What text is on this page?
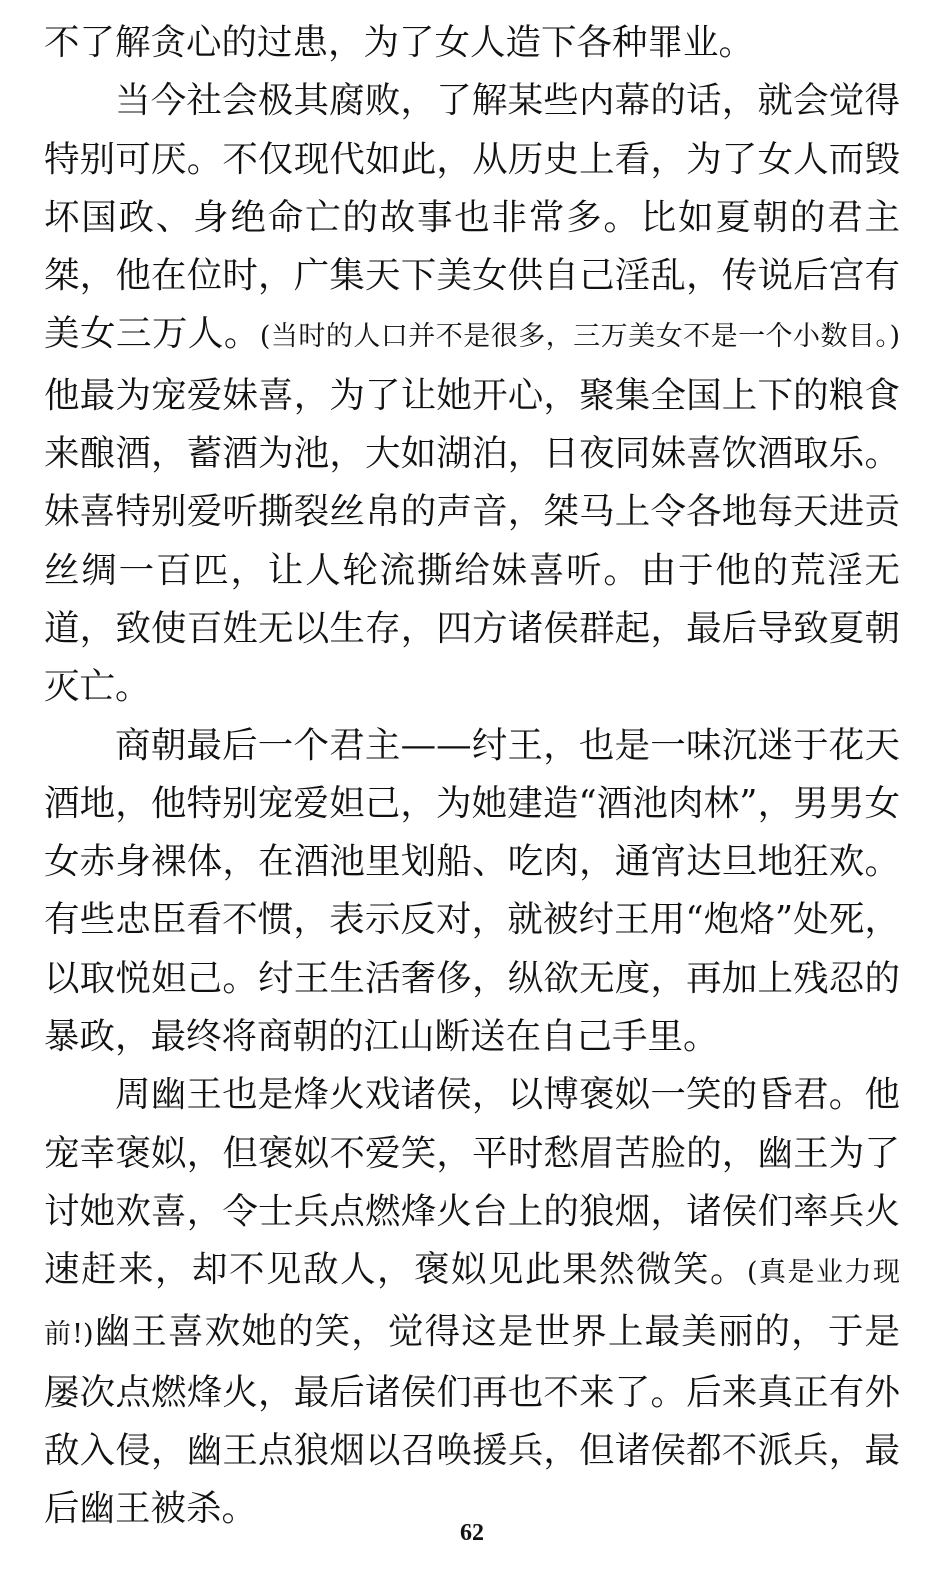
不了解贪心的过患，为了女人造下各种罪业。

当今社会极其腐败，了解某些内幕的话，就会觉得特别可厌。不仅现代如此，从历史上看，为了女人而毁坏国政、身绝命亡的故事也非常多。比如夏朝的君主桀，他在位时，广集天下美女供自己淫乱，传说后宫有美女三万人。(当时的人口并不是很多，三万美女不是一个小数目。)他最为宠爱妹喜，为了让她开心，聚集全国上下的粮食来酿酒，蓄酒为池，大如湖泊，日夜同妹喜饮酒取乐。妹喜特别爱听撕裂丝帛的声音，桀马上令各地每天进贡丝绸一百匹，让人轮流撕给妹喜听。由于他的荒淫无道，致使百姓无以生存，四方诸侯群起，最后导致夏朝灭亡。

商朝最后一个君主——纣王，也是一味沉迷于花天酒地，他特别宠爱妲己，为她建造“酒池肉林”，男男女女赤身裸体，在酒池里划船、吃肉，通宵达旦地狂欢。有些忠臣看不惯，表示反对，就被纣王用“炮烙”处死，以取悦妲己。纣王生活奢侈，纵欲无度，再加上残忍的暴政，最终将商朝的江山断送在自己手里。

周幽王也是烽火戏诸侯，以博褒姒一笑的昏君。他宠幸褒姒，但褒姒不爱笑，平时愁眉苦脸的，幽王为了讨她欢喜，令士兵点燃烽火台上的狼烟，诸侯们率兵火速赶来，却不见敌人，褒姒见此果然微笑。(真是业力现前!)幽王喜欢她的笑，觉得这是世界上最美丽的，于是屡次点燃烽火，最后诸侯们再也不来了。后来真正有外敌入侵，幽王点狼烟以召唤援兵，但诸侯都不派兵，最后幽王被杀。

62
